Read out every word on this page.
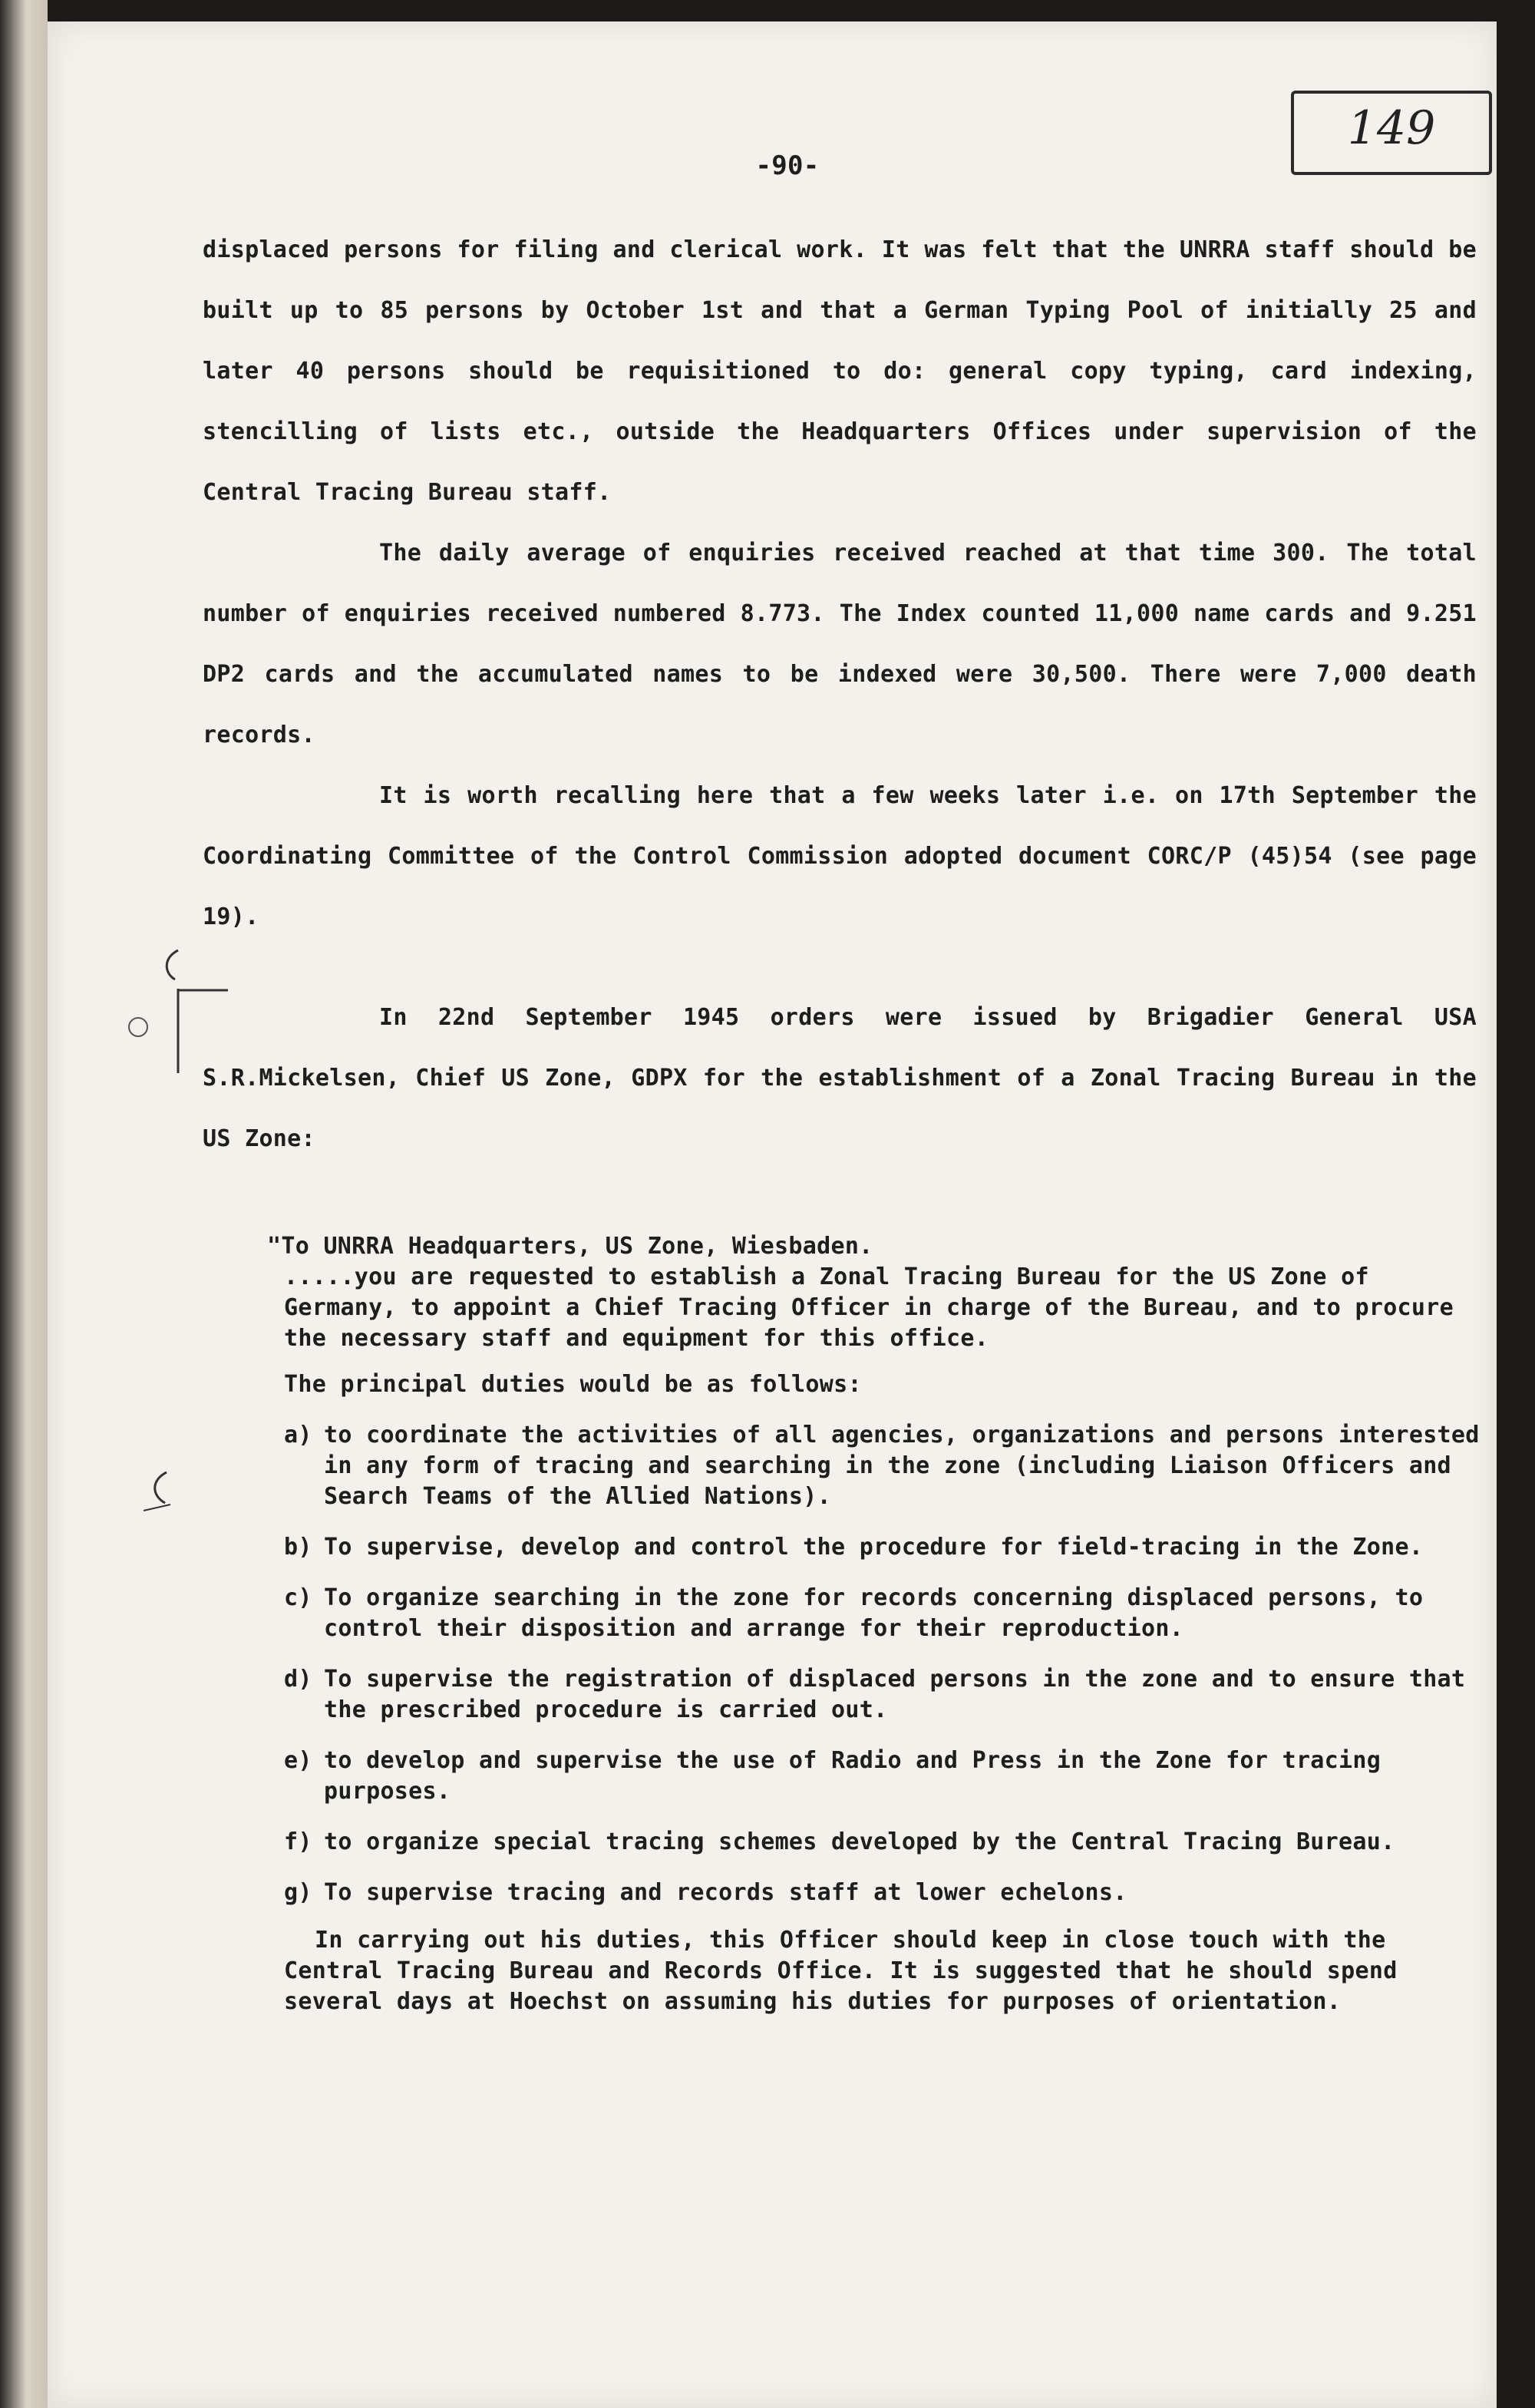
149
-90-

displaced persons for filing and clerical work. It was felt that the UNRRA staff should be built up to 85 persons by October 1st and that a German Typing Pool of initially 25 and later 40 persons should be requisitioned to do: general copy typing, card indexing, stencilling of lists etc., outside the Headquarters Offices under supervision of the Central Tracing Bureau staff.

The daily average of enquiries received reached at that time 300. The total number of enquiries received numbered 8.773. The Index counted 11,000 name cards and 9.251 DP2 cards and the accumulated names to be indexed were 30,500. There were 7,000 death records.

It is worth recalling here that a few weeks later i.e. on 17th September the Coordinating Committee of the Control Commission adopted document CORC/P (45)54 (see page 19).

In 22nd September 1945 orders were issued by Brigadier General USA S.R.Mickelsen, Chief US Zone, GDPX for the establishment of a Zonal Tracing Bureau in the US Zone:

"To UNRRA Headquarters, US Zone, Wiesbaden.

.....you are requested to establish a Zonal Tracing Bureau for the US Zone of Germany, to appoint a Chief Tracing Officer in charge of the Bureau, and to procure the necessary staff and equipment for this office.

The principal duties would be as follows:

a) to coordinate the activities of all agencies, organizations and persons interested in any form of tracing and searching in the zone (including Liaison Officers and Search Teams of the Allied Nations).

b) To supervise, develop and control the procedure for field-tracing in the Zone.

c) To organize searching in the zone for records concerning displaced persons, to control their disposition and arrange for their reproduction.

d) To supervise the registration of displaced persons in the zone and to ensure that the prescribed procedure is carried out.

e) to develop and supervise the use of Radio and Press in the Zone for tracing purposes.

f) to organize special tracing schemes developed by the Central Tracing Bureau.

g) To supervise tracing and records staff at lower echelons.

In carrying out his duties, this Officer should keep in close touch with the Central Tracing Bureau and Records Office. It is suggested that he should spend several days at Hoechst on assuming his duties for purposes of orientation.
